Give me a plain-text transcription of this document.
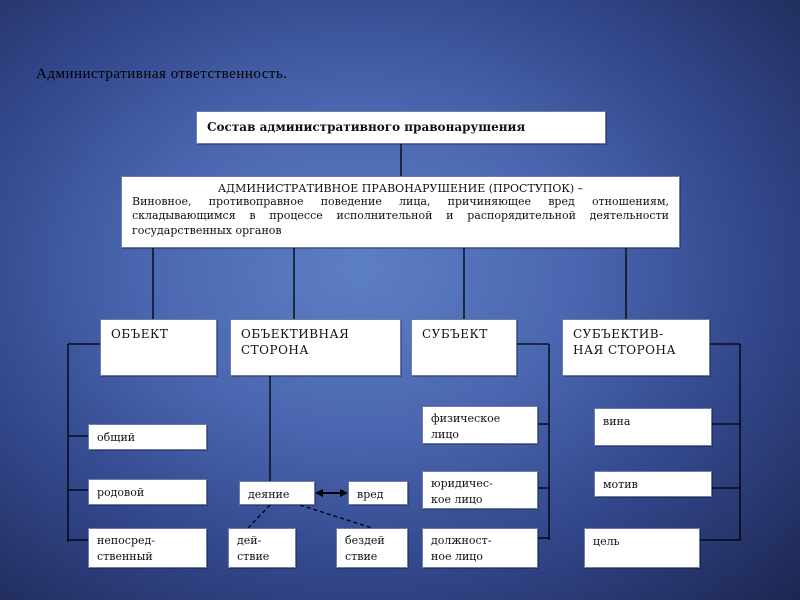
Административная ответственность.
Состав административного правонарушения
АДМИНИСТРАТИВНОЕ ПРАВОНАРУШЕНИЕ (ПРОСТУПОК) –
Виновное, противоправное поведение лица, причиняющее вред отношениям, складывающимся в процессе исполнительной и распорядительной деятельности государственных органов
ОБЪЕКТ	ОБЪЕКТИВНАЯ
СТОРОНА
СУБЪЕКТ	СУБЪЕКТИВ-
НАЯ СТОРОНА
общий
родовой
непосред-
ственный
деяние	вред
дей-
ствие
бездей
ствие
физическое
лицо
юридичес-
кое лицо
должност-
ное лицо
вина
мотив
цель
